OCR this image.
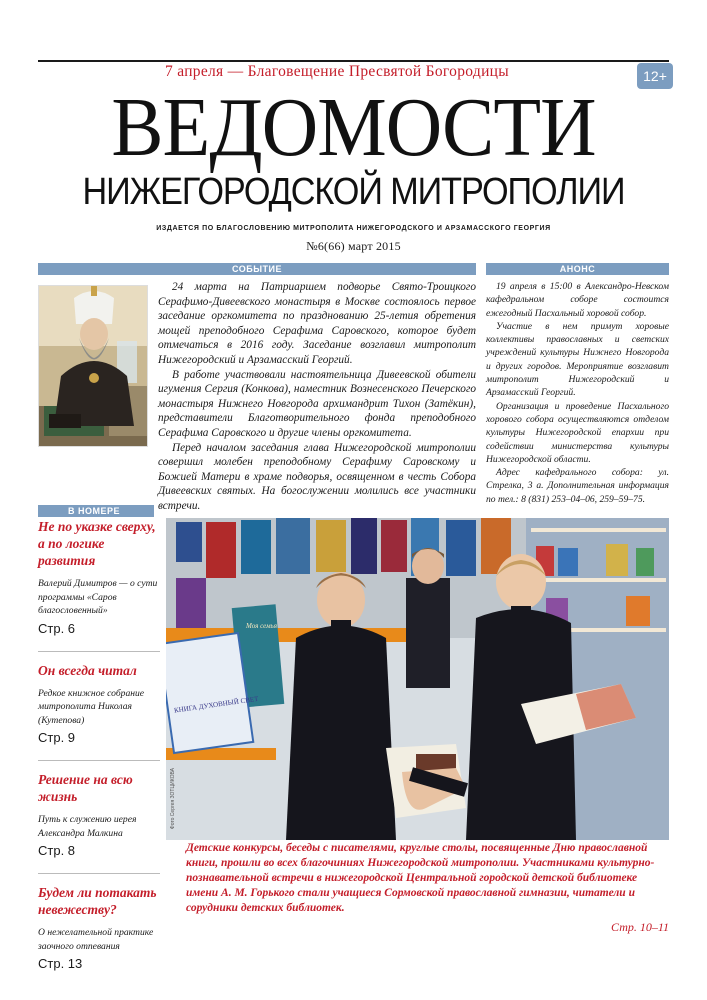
7 апреля — Благовещение Пресвятой Богородицы	12+
ВЕДОМОСТИ
НИЖЕГОРОДСКОЙ МИТРОПОЛИИ
ИЗДАЕТСЯ ПО БЛАГОСЛОВЕНИЮ МИТРОПОЛИТА НИЖЕГОРОДСКОГО И АРЗАМАССКОГО ГЕОРГИЯ
№6(66) март 2015
СОБЫТИЕ	АНОНС

24 марта на Патриаршем подворье Свято-Троицкого Серафимо-Дивеевского монастыря в Москве состоялось первое заседание оргкомитета по празднованию 25-летия обретения мощей преподобного Серафима Саровского, которое будет отмечаться в 2016 году. Заседание возглавил митрополит Нижегородский и Арзамасский Георгий.

В работе участвовали настоятельница Дивеевской обители игумения Сергия (Конкова), наместник Вознесенского Печерского монастыря Нижнего Новгорода архимандрит Тихон (Затёкин), представители Благотворительного фонда преподобного Серафима Саровского и другие члены оргкомитета.

Перед началом заседания глава Нижегородской митрополии совершил молебен преподобному Серафиму Саровскому и Божией Матери в храме подворья, освященном в честь Собора Дивеевских святых. На богослужении молились все участники встречи.

19 апреля в 15:00 в Александро-Невском кафедральном соборе состоится ежегодный Пасхальный хоровой собор.

Участие в нем примут хоровые коллективы православных и светских учреждений культуры Нижнего Новгорода и других городов. Мероприятие возглавит митрополит Нижегородский и Арзамасский Георгий.

Организация и проведение Пасхального хорового собора осуществляются отделом культуры Нижегородской епархии при содействии министерства культуры Нижегородской области.

Адрес кафедрального собора: ул. Стрелка, 3 а. Дополнительная информация по тел.: 8 (831) 253–04–06, 259–59–75.

В НОМЕРЕ
Не по указке сверху, а по логике развития
Валерий Димитров — о сути программы «Саров благословенный»
Стр. 6
Он всегда читал
Редкое книжное собрание митрополита Николая (Кутепова)
Стр. 9
Решение на всю жизнь
Путь к служению иерея Александра Малкина
Стр. 8
Будем ли потакать невежеству?
О нежелательной практике заочного отпевания
Стр. 13
Моя семья
КНИГА ДУХОВНЫЙ СВЕТ
Фото Сергея ЗОТЦИКОВА
Детские конкурсы, беседы с писателями, круглые столы, посвященные Дню православной книги, прошли во всех благочиниях Нижегородской митрополии. Участниками культурно-познавательной встречи в нижегородской Центральной городской детской библиотеке имени А. М. Горького стали учащиеся Сормовской православной гимназии, читатели и сорудники детских библиотек.
Стр. 10–11
